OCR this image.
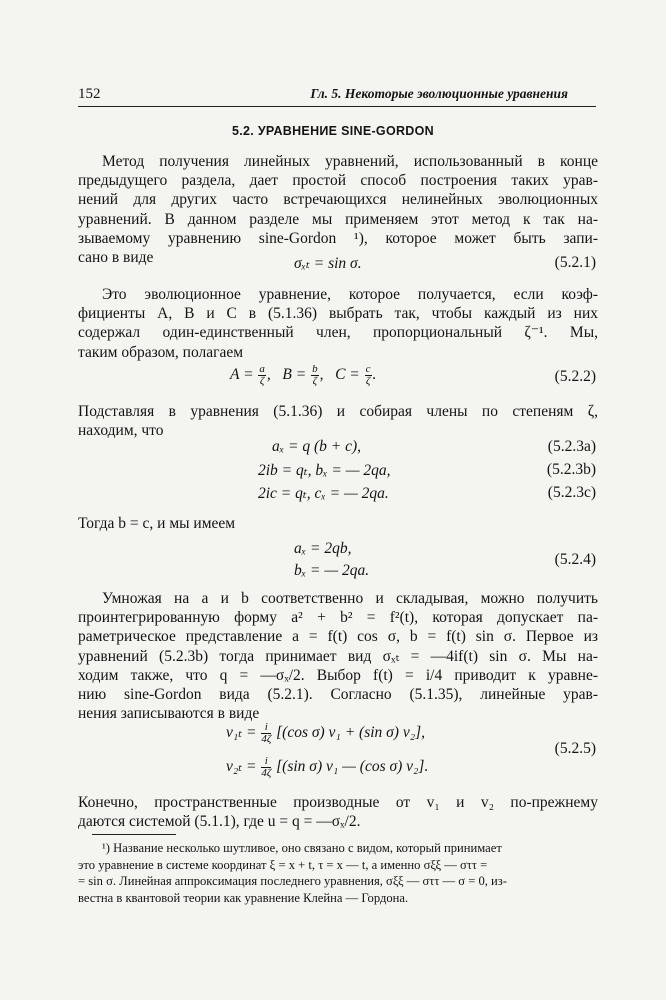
152	Гл. 5. Некоторые эволюционные уравнения
5.2. УРАВНЕНИЕ SINE-GORDON
Метод получения линейных уравнений, использованный в конце
предыдущего раздела, дает простой способ построения таких урав-
нений для других часто встречающихся нелинейных эволюционных
уравнений. В данном разделе мы применяем этот метод к так на-
зываемому уравнению sine-Gordon ¹), которое может быть запи-
сано в виде	σₓₜ = sin σ.	(5.2.1)
Это эволюционное уравнение, которое получается, если коэф-
фициенты A, B и C в (5.1.36) выбрать так, чтобы каждый из них
содержал один-единственный член, пропорциональный ζ⁻¹. Мы,
таким образом, полагаем
$A = \frac{a}{\zeta}$ ,   $B = \frac{b}{\zeta}$ ,   $C = \frac{c}{\zeta}$ .	(5.2.2)
Подставляя в уравнения (5.1.36) и собирая члены по степеням ζ,
находим, что
aₓ = q (b + c),	(5.2.3a)
2ib = qₜ, bₓ = — 2qa,	(5.2.3b)
2ic = qₜ, cₓ = — 2qa.	(5.2.3c)
Тогда b = c, и мы имеем
aₓ = 2qb,
bₓ = — 2qa.
(5.2.4)
Умножая на a и b соответственно и складывая, можно получить
проинтегрированную форму a² + b² = f²(t), которая допускает па-
раметрическое представление a = f(t) cos σ, b = f(t) sin σ. Первое из
уравнений (5.2.3b) тогда принимает вид σₓₜ = —4if(t) sin σ. Мы на-
ходим также, что q = —σₓ/2. Выбор f(t) = i/4 приводит к уравне-
нию sine-Gordon вида (5.2.1). Согласно (5.1.35), линейные урав-
нения записываются в виде
$v_{1t} = \frac{i}{4\zeta} [(\cos$ σ) v₁ + (sin σ) v₂],
$v_{2t} = \frac{i}{4\zeta} [(\sin$ σ) v₁ — (cos σ) v₂].
(5.2.5)
Конечно, пространственные производные от v₁ и v₂ по-прежнему
даются системой (5.1.1), где u = q = —σₓ/2.
¹) Название несколько шутливое, оно связано с видом, который принимает
это уравнение в системе координат ξ = x + t, τ = x — t, а именно σξξ — σττ =
= sin σ. Линейная аппроксимация последнего уравнения, σξξ — σττ — σ = 0, из-
вестна в квантовой теории как уравнение Клейна — Гордона.
